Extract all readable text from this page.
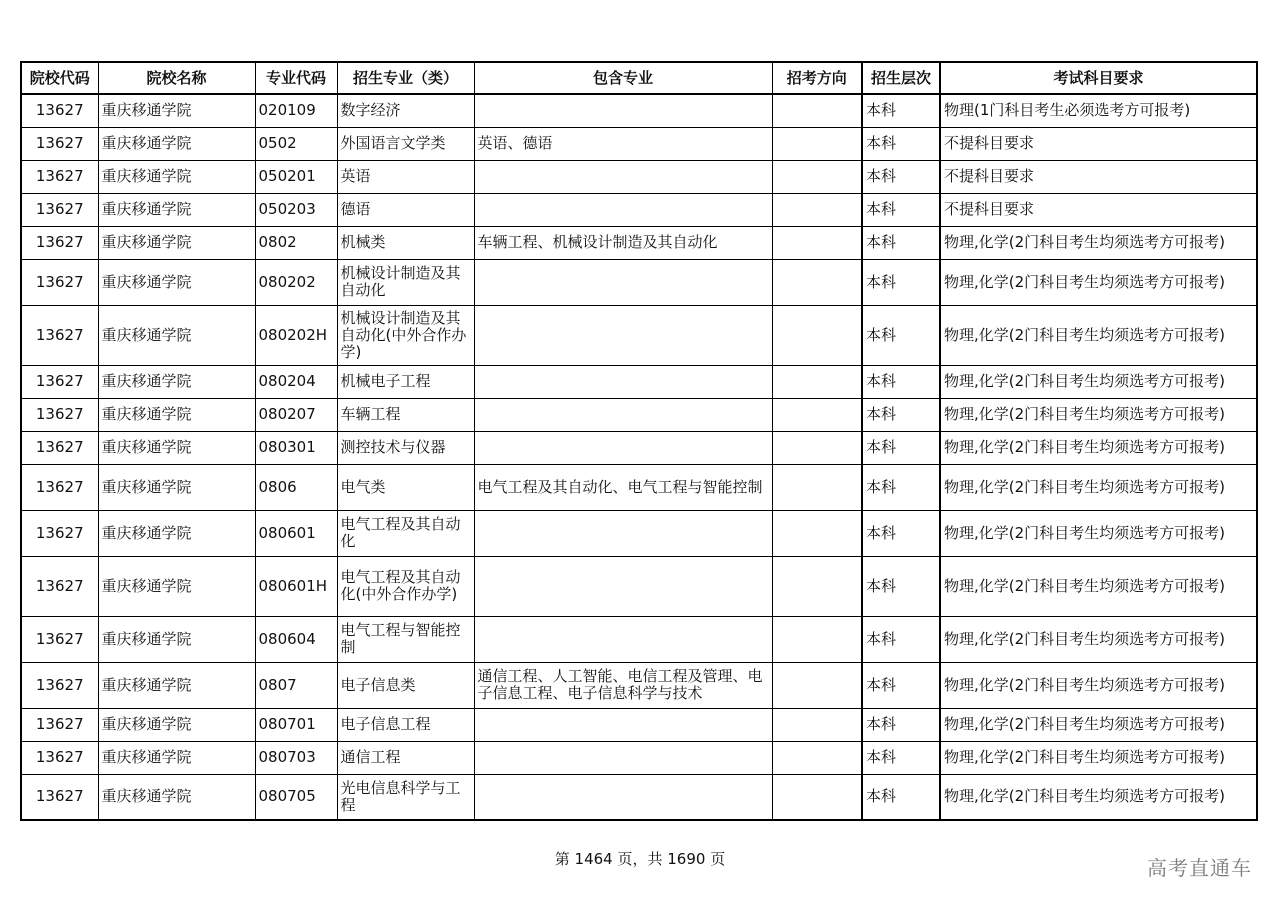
院校代码	院校名称	专业代码	招生专业（类）	包含专业	招考方向	招生层次	考试科目要求
13627	重庆移通学院	020109	数字经济			本科	物理(1门科目考生必须选考方可报考)
13627	重庆移通学院	0502	外国语言文学类	英语、德语		本科	不提科目要求
13627	重庆移通学院	050201	英语			本科	不提科目要求
13627	重庆移通学院	050203	德语			本科	不提科目要求
13627	重庆移通学院	0802	机械类	车辆工程、机械设计制造及其自动化		本科	物理,化学(2门科目考生均须选考方可报考)
13627	重庆移通学院	080202	机械设计制造及其自动化			本科	物理,化学(2门科目考生均须选考方可报考)
13627	重庆移通学院	080202H	机械设计制造及其自动化(中外合作办学)			本科	物理,化学(2门科目考生均须选考方可报考)
13627	重庆移通学院	080204	机械电子工程			本科	物理,化学(2门科目考生均须选考方可报考)
13627	重庆移通学院	080207	车辆工程			本科	物理,化学(2门科目考生均须选考方可报考)
13627	重庆移通学院	080301	测控技术与仪器			本科	物理,化学(2门科目考生均须选考方可报考)
13627	重庆移通学院	0806	电气类	电气工程及其自动化、电气工程与智能控制		本科	物理,化学(2门科目考生均须选考方可报考)
13627	重庆移通学院	080601	电气工程及其自动化			本科	物理,化学(2门科目考生均须选考方可报考)
13627	重庆移通学院	080601H	电气工程及其自动化(中外合作办学)			本科	物理,化学(2门科目考生均须选考方可报考)
13627	重庆移通学院	080604	电气工程与智能控制			本科	物理,化学(2门科目考生均须选考方可报考)
13627	重庆移通学院	0807	电子信息类	通信工程、人工智能、电信工程及管理、电子信息工程、电子信息科学与技术		本科	物理,化学(2门科目考生均须选考方可报考)
13627	重庆移通学院	080701	电子信息工程			本科	物理,化学(2门科目考生均须选考方可报考)
13627	重庆移通学院	080703	通信工程			本科	物理,化学(2门科目考生均须选考方可报考)
13627	重庆移通学院	080705	光电信息科学与工程			本科	物理,化学(2门科目考生均须选考方可报考)
第 1464 页，共 1690 页	高考直通车
